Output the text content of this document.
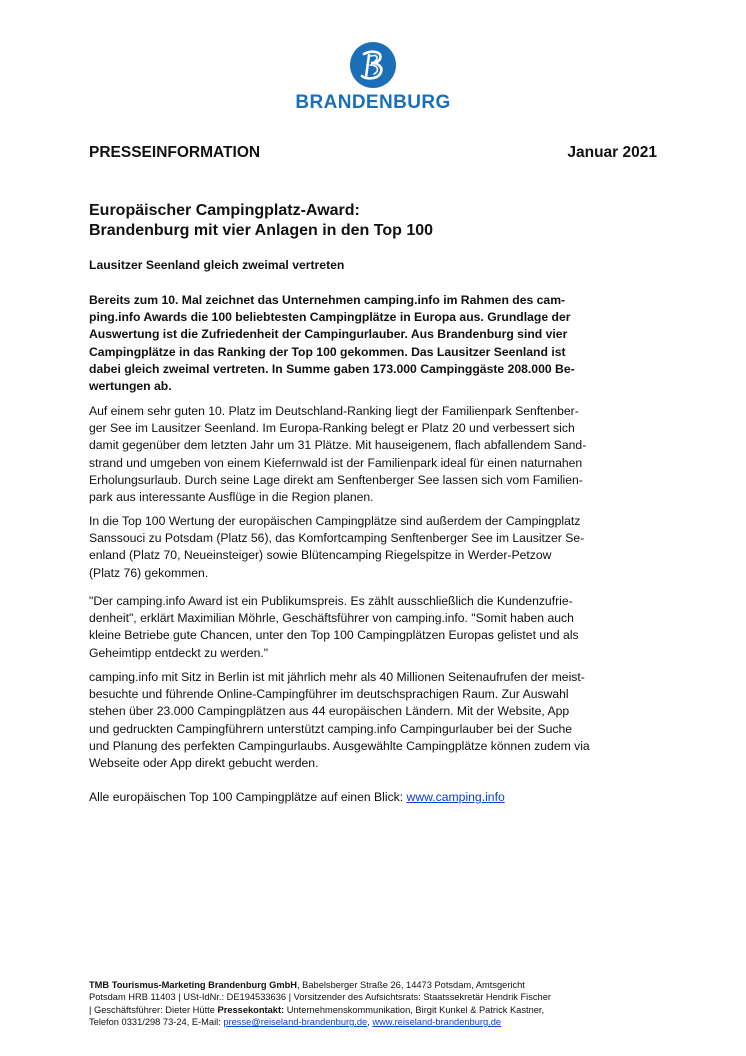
BRANDENBURG
PRESSEINFORMATION	Januar 2021
Europäischer Campingplatz-Award:
Brandenburg mit vier Anlagen in den Top 100
Lausitzer Seenland gleich zweimal vertreten
Bereits zum 10. Mal zeichnet das Unternehmen camping.info im Rahmen des cam-
ping.info Awards die 100 beliebtesten Campingplätze in Europa aus. Grundlage der
Auswertung ist die Zufriedenheit der Campingurlauber. Aus Brandenburg sind vier
Campingplätze in das Ranking der Top 100 gekommen. Das Lausitzer Seenland ist
dabei gleich zweimal vertreten. In Summe gaben 173.000 Campinggäste 208.000 Be-
wertungen ab.
Auf einem sehr guten 10. Platz im Deutschland-Ranking liegt der Familienpark Senftenber-
ger See im Lausitzer Seenland. Im Europa-Ranking belegt er Platz 20 und verbessert sich
damit gegenüber dem letzten Jahr um 31 Plätze. Mit hauseigenem, flach abfallendem Sand-
strand und umgeben von einem Kiefernwald ist der Familienpark ideal für einen naturnahen
Erholungsurlaub. Durch seine Lage direkt am Senftenberger See lassen sich vom Familien-
park aus interessante Ausflüge in die Region planen.
In die Top 100 Wertung der europäischen Campingplätze sind außerdem der Campingplatz
Sanssouci zu Potsdam (Platz 56), das Komfortcamping Senftenberger See im Lausitzer Se-
enland (Platz 70, Neueinsteiger) sowie Blütencamping Riegelspitze in Werder-Petzow
(Platz 76) gekommen.
"Der camping.info Award ist ein Publikumspreis. Es zählt ausschließlich die Kundenzufrie-
denheit", erklärt Maximilian Möhrle, Geschäftsführer von camping.info. "Somit haben auch
kleine Betriebe gute Chancen, unter den Top 100 Campingplätzen Europas gelistet und als
Geheimtipp entdeckt zu werden."
camping.info mit Sitz in Berlin ist mit jährlich mehr als 40 Millionen Seitenaufrufen der meist-
besuchte und führende Online-Campingführer im deutschsprachigen Raum. Zur Auswahl
stehen über 23.000 Campingplätzen aus 44 europäischen Ländern. Mit der Website, App
und gedruckten Campingführern unterstützt camping.info Campingurlauber bei der Suche
und Planung des perfekten Campingurlaubs. Ausgewählte Campingplätze können zudem via
Webseite oder App direkt gebucht werden.
Alle europäischen Top 100 Campingplätze auf einen Blick: www.camping.info
TMB Tourismus-Marketing Brandenburg GmbH, Babelsberger Straße 26, 14473 Potsdam, Amtsgericht
Potsdam HRB 11403 | USt-IdNr.: DE194533636 | Vorsitzender des Aufsichtsrats: Staatssekretär Hendrik Fischer
| Geschäftsführer: Dieter Hütte Pressekontakt: Unternehmenskommunikation, Birgit Kunkel & Patrick Kastner,
Telefon 0331/298 73-24, E-Mail: presse@reiseland-brandenburg.de, www.reiseland-brandenburg.de
